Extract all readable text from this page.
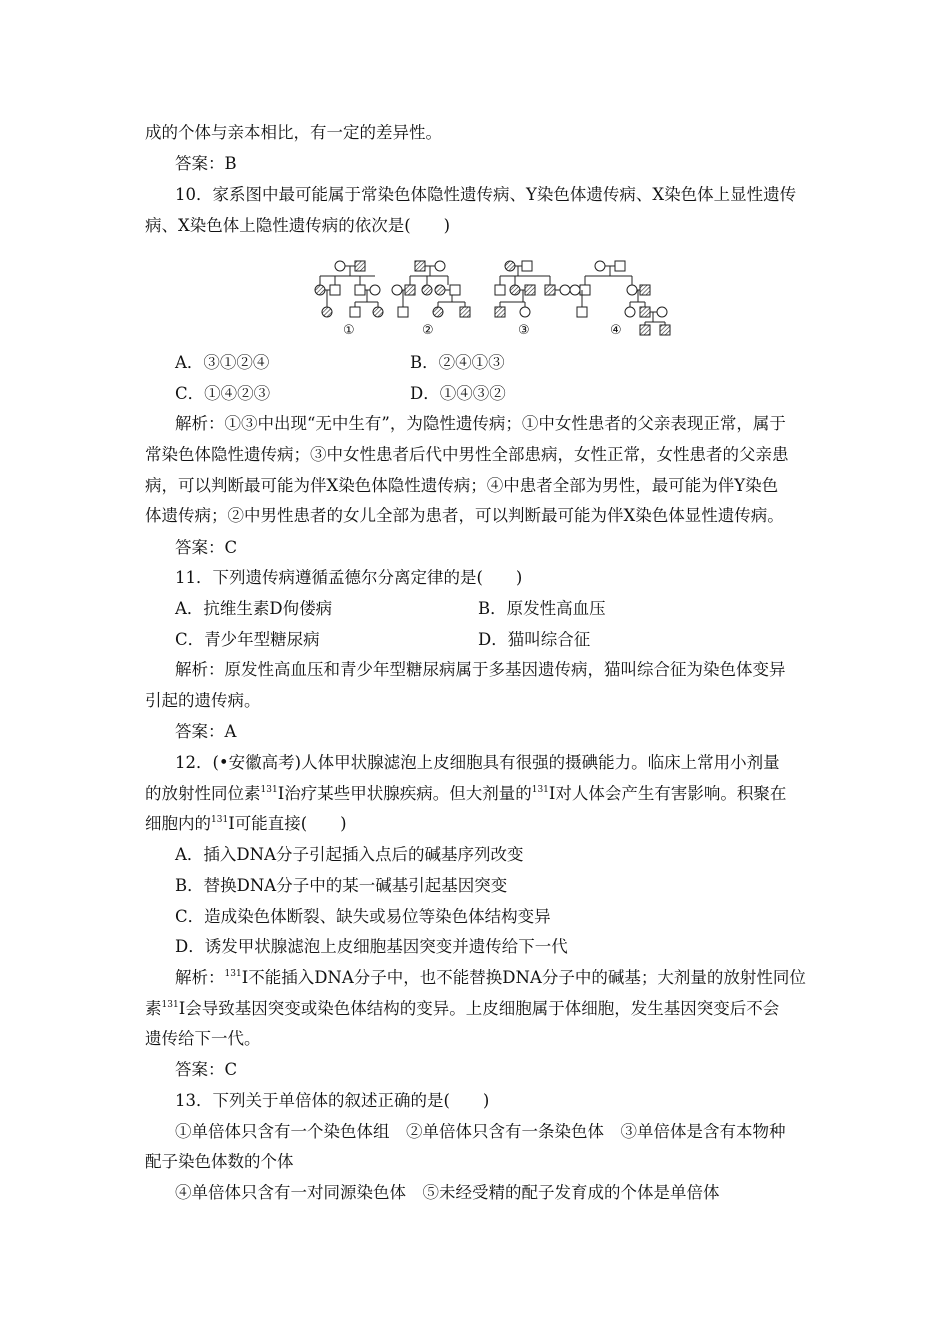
成的个体与亲本相比，有一定的差异性。
答案：B
10．家系图中最可能属于常染色体隐性遗传病、Y染色体遗传病、X染色体上显性遗传
病、X染色体上隐性遗传病的依次是(　　)
①	②	③	④
A．③①②④	B．②④①③
C．①④②③	D．①④③②
解析：①③中出现“无中生有”，为隐性遗传病；①中女性患者的父亲表现正常，属于
常染色体隐性遗传病；③中女性患者后代中男性全部患病，女性正常，女性患者的父亲患
病，可以判断最可能为伴X染色体隐性遗传病；④中患者全部为男性，最可能为伴Y染色
体遗传病；②中男性患者的女儿全部为患者，可以判断最可能为伴X染色体显性遗传病。
答案：C
11．下列遗传病遵循孟德尔分离定律的是(　　)
A．抗维生素D佝偻病	B．原发性高血压
C．青少年型糖尿病	D．猫叫综合征
解析：原发性高血压和青少年型糖尿病属于多基因遗传病，猫叫综合征为染色体变异
引起的遗传病。
答案：A
12．(•安徽高考)人体甲状腺滤泡上皮细胞具有很强的摄碘能力。临床上常用小剂量
的放射性同位素$^{131}$I治疗某些甲状腺疾病。但大剂量的$^{131}$I对人体会产生有害影响。积聚在
细胞内的$^{131}$I可能直接(　　)
A．插入DNA分子引起插入点后的碱基序列改变
B．替换DNA分子中的某一碱基引起基因突变
C．造成染色体断裂、缺失或易位等染色体结构变异
D．诱发甲状腺滤泡上皮细胞基因突变并遗传给下一代
解析：$^{131}$I不能插入DNA分子中，也不能替换DNA分子中的碱基；大剂量的放射性同位
素$^{131}$I会导致基因突变或染色体结构的变异。上皮细胞属于体细胞，发生基因突变后不会
遗传给下一代。
答案：C
13．下列关于单倍体的叙述正确的是(　　)
①单倍体只含有一个染色体组　②单倍体只含有一条染色体　③单倍体是含有本物种
配子染色体数的个体
④单倍体只含有一对同源染色体　⑤未经受精的配子发育成的个体是单倍体
